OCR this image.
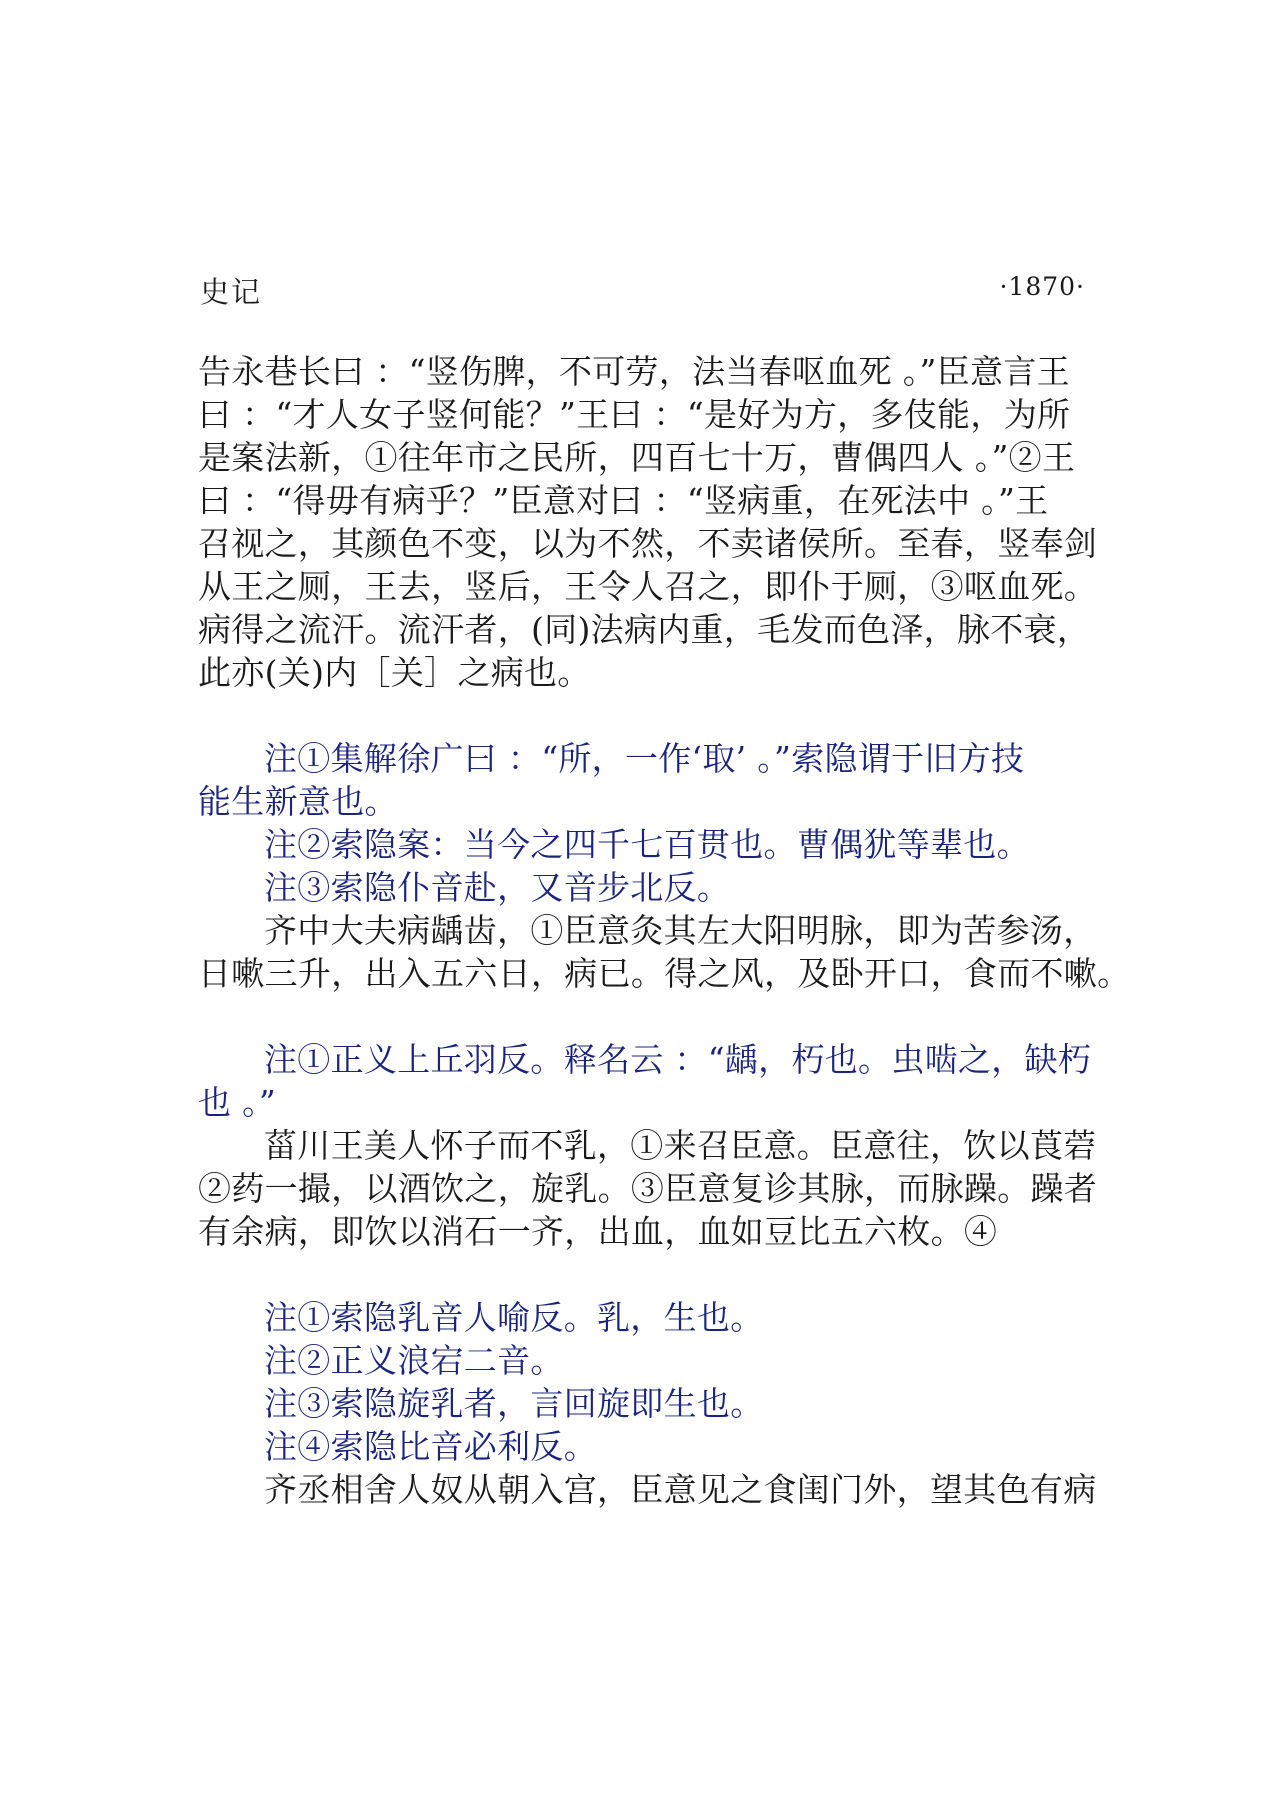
史记	·1870·
告永巷长曰 ：“竖伤脾，不可劳，法当春呕血死 。”臣意言王
曰 ：“才人女子竖何能？”王曰 ：“是好为方，多伎能，为所
是案法新，①往年市之民所，四百七十万，曹偶四人 。”②王
曰 ：“得毋有病乎？”臣意对曰 ：“竖病重，在死法中 。”王
召视之，其颜色不变，以为不然，不卖诸侯所。至春，竖奉剑
从王之厕，王去，竖后，王令人召之，即仆于厕，③呕血死。
病得之流汗。流汗者，(同)法病内重，毛发而色泽，脉不衰，
此亦(关)内［关］之病也。
注①集解徐广曰 ：“所，一作‘取’ 。”索隐谓于旧方技
能生新意也。
注②索隐案：当今之四千七百贯也。曹偶犹等辈也。
注③索隐仆音赴，又音步北反。
齐中大夫病龋齿，①臣意灸其左大阳明脉，即为苦参汤，
日嗽三升，出入五六日，病已。得之风，及卧开口，食而不嗽。
注①正义上丘羽反。释名云 ：“龋，朽也。虫啮之，缺朽
也 。”
菑川王美人怀子而不乳，①来召臣意。臣意往，饮以莨菪
②药一撮，以酒饮之，旋乳。③臣意复诊其脉，而脉躁。躁者
有余病，即饮以消石一齐，出血，血如豆比五六枚。④
注①索隐乳音人喻反。乳，生也。
注②正义浪宕二音。
注③索隐旋乳者，言回旋即生也。
注④索隐比音必利反。
齐丞相舍人奴从朝入宫，臣意见之食闺门外，望其色有病
